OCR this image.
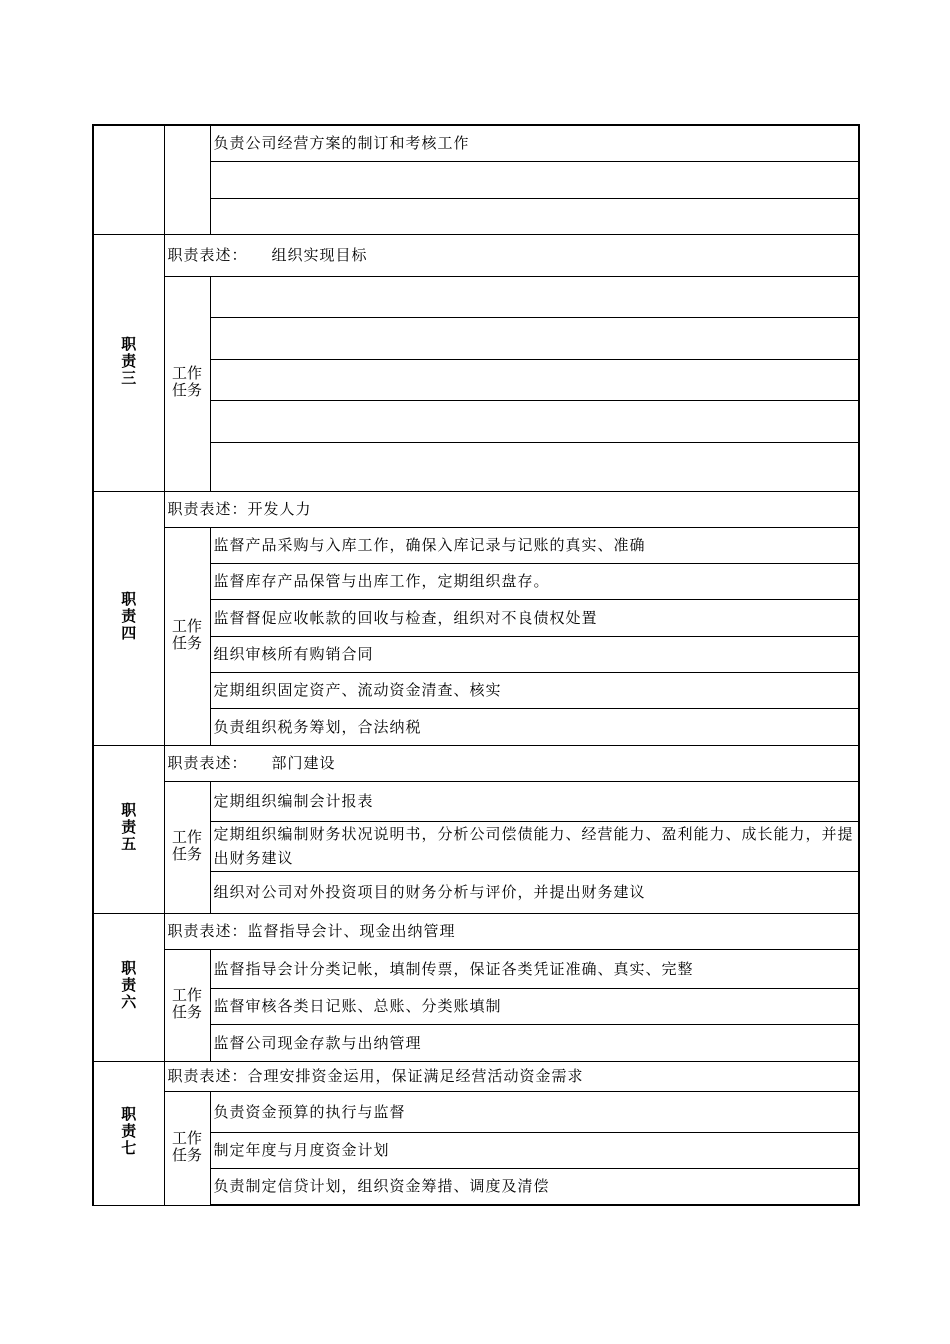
		负责公司经营方案的制订和考核工作

职责三	职责表述： 组织实现目标	
	工作任务	

职责四	职责表述：开发人力	
	工作任务	监督产品采购与入库工作，确保入库记录与记账的真实、准确
		监督库存产品保管与出库工作，定期组织盘存。
		监督督促应收帐款的回收与检查，组织对不良债权处置
		组织审核所有购销合同
		定期组织固定资产、流动资金清查、核实
		负责组织税务筹划，合法纳税
职责五	职责表述： 部门建设	
	工作任务	定期组织编制会计报表
		定期组织编制财务状况说明书，分析公司偿债能力、经营能力、盈利能力、成长能力，并提出财务建议
		组织对公司对外投资项目的财务分析与评价，并提出财务建议
职责六	职责表述：监督指导会计、现金出纳管理	
	工作任务	监督指导会计分类记帐，填制传票，保证各类凭证准确、真实、完整
		监督审核各类日记账、总账、分类账填制
		监督公司现金存款与出纳管理
职责七	职责表述：合理安排资金运用，保证满足经营活动资金需求	
	工作任务	负责资金预算的执行与监督
		制定年度与月度资金计划
		负责制定信贷计划，组织资金筹措、调度及清偿
